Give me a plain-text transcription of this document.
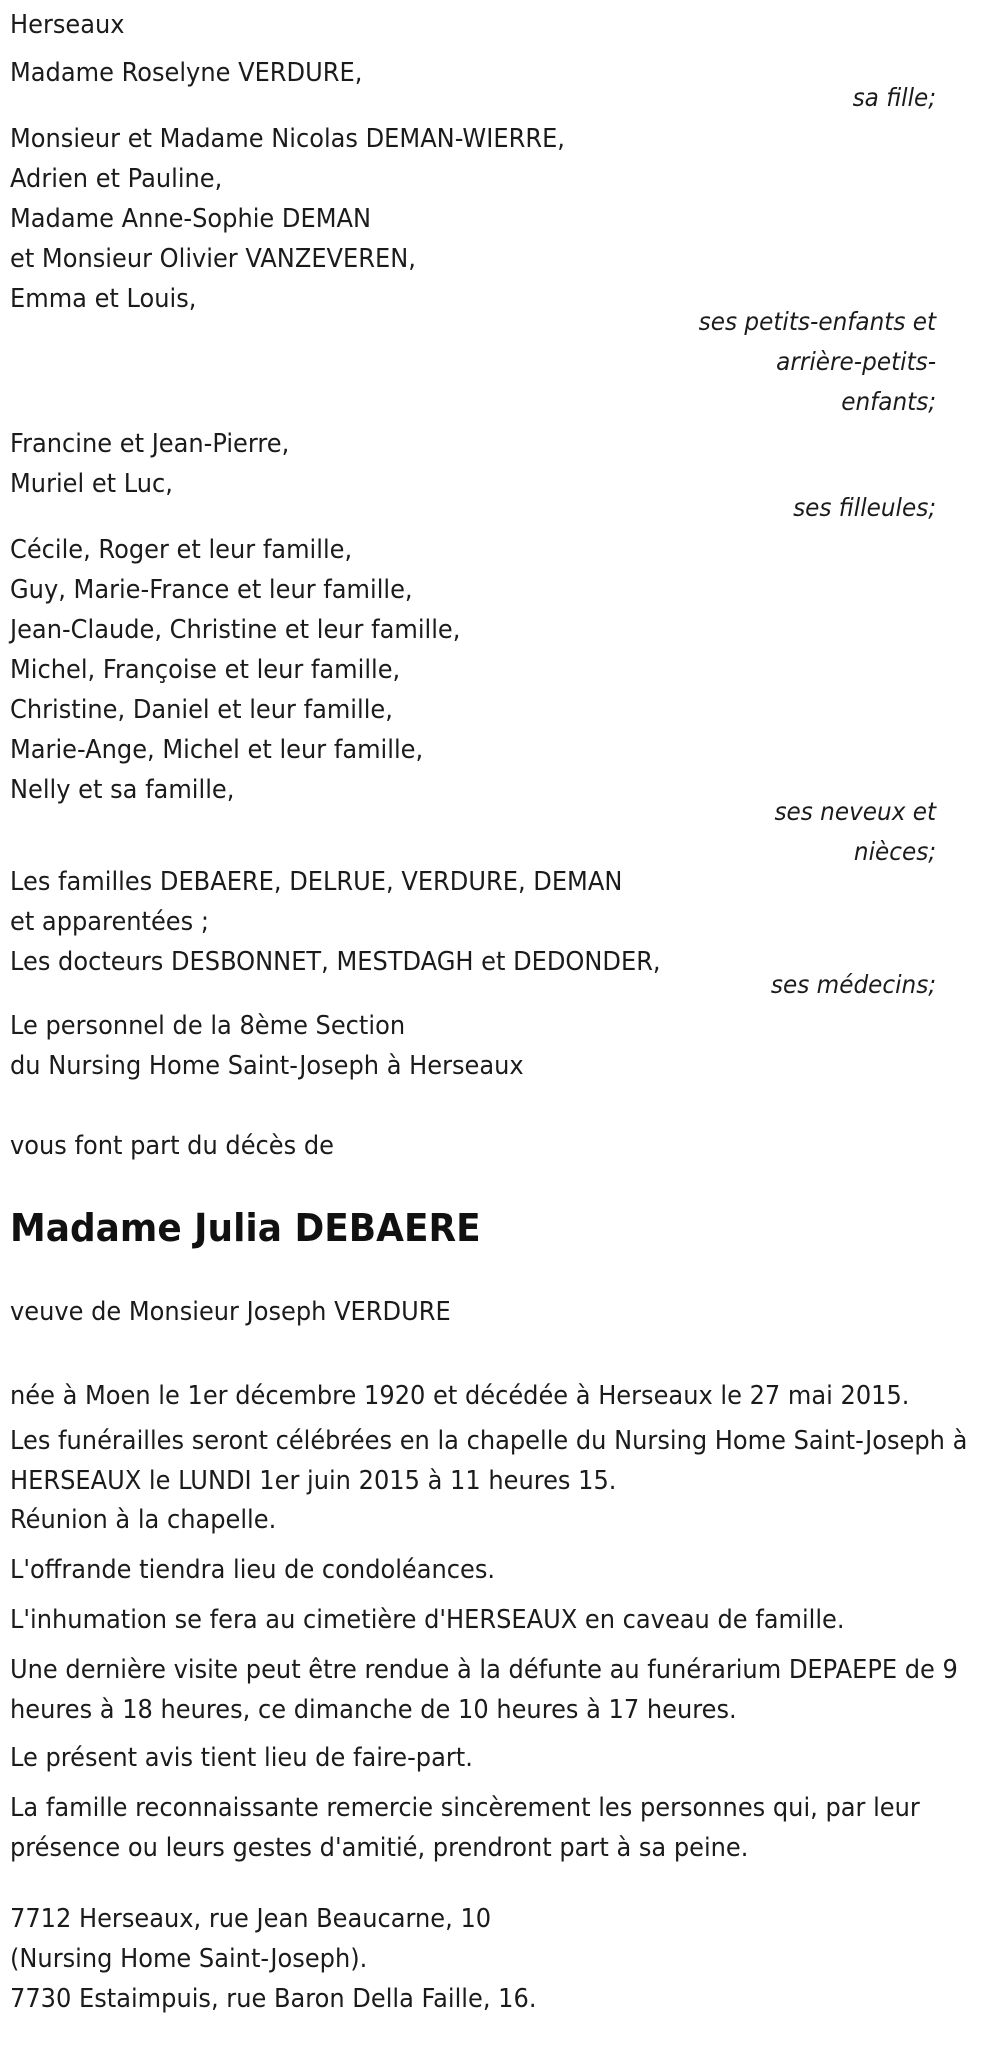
Herseaux
Madame Roselyne VERDURE,
sa fille;
Monsieur et Madame Nicolas DEMAN-WIERRE,
Adrien et Pauline,
Madame Anne-Sophie DEMAN
et Monsieur Olivier VANZEVEREN,
Emma et Louis,
ses petits-enfants et arrière-petits-enfants;
Francine et Jean-Pierre,
Muriel et Luc,
ses filleules;
Cécile, Roger et leur famille,
Guy, Marie-France et leur famille,
Jean-Claude, Christine et leur famille,
Michel, Françoise et leur famille,
Christine, Daniel et leur famille,
Marie-Ange, Michel et leur famille,
Nelly et sa famille,
ses neveux et nièces;
Les familles DEBAERE, DELRUE, VERDURE, DEMAN
et apparentées ;
Les docteurs DESBONNET, MESTDAGH et DEDONDER,
ses médecins;
Le personnel de la 8ème Section
du Nursing Home Saint-Joseph à Herseaux
vous font part du décès de
Madame Julia DEBAERE
veuve de Monsieur Joseph VERDURE
née à Moen le 1er décembre 1920 et décédée à Herseaux le 27 mai 2015.
Les funérailles seront célébrées en la chapelle du Nursing Home Saint-Joseph à HERSEAUX le LUNDI 1er juin 2015 à 11 heures 15.
Réunion à la chapelle.
L'offrande tiendra lieu de condoléances.
L'inhumation se fera au cimetière d'HERSEAUX en caveau de famille.
Une dernière visite peut être rendue à la défunte au funérarium DEPAEPE de 9 heures à 18 heures, ce dimanche de 10 heures à 17 heures.
Le présent avis tient lieu de faire-part.
La famille reconnaissante remercie sincèrement les personnes qui, par leur présence ou leurs gestes d'amitié, prendront part à sa peine.
7712 Herseaux, rue Jean Beaucarne, 10
(Nursing Home Saint-Joseph).
7730 Estaimpuis, rue Baron Della Faille, 16.
